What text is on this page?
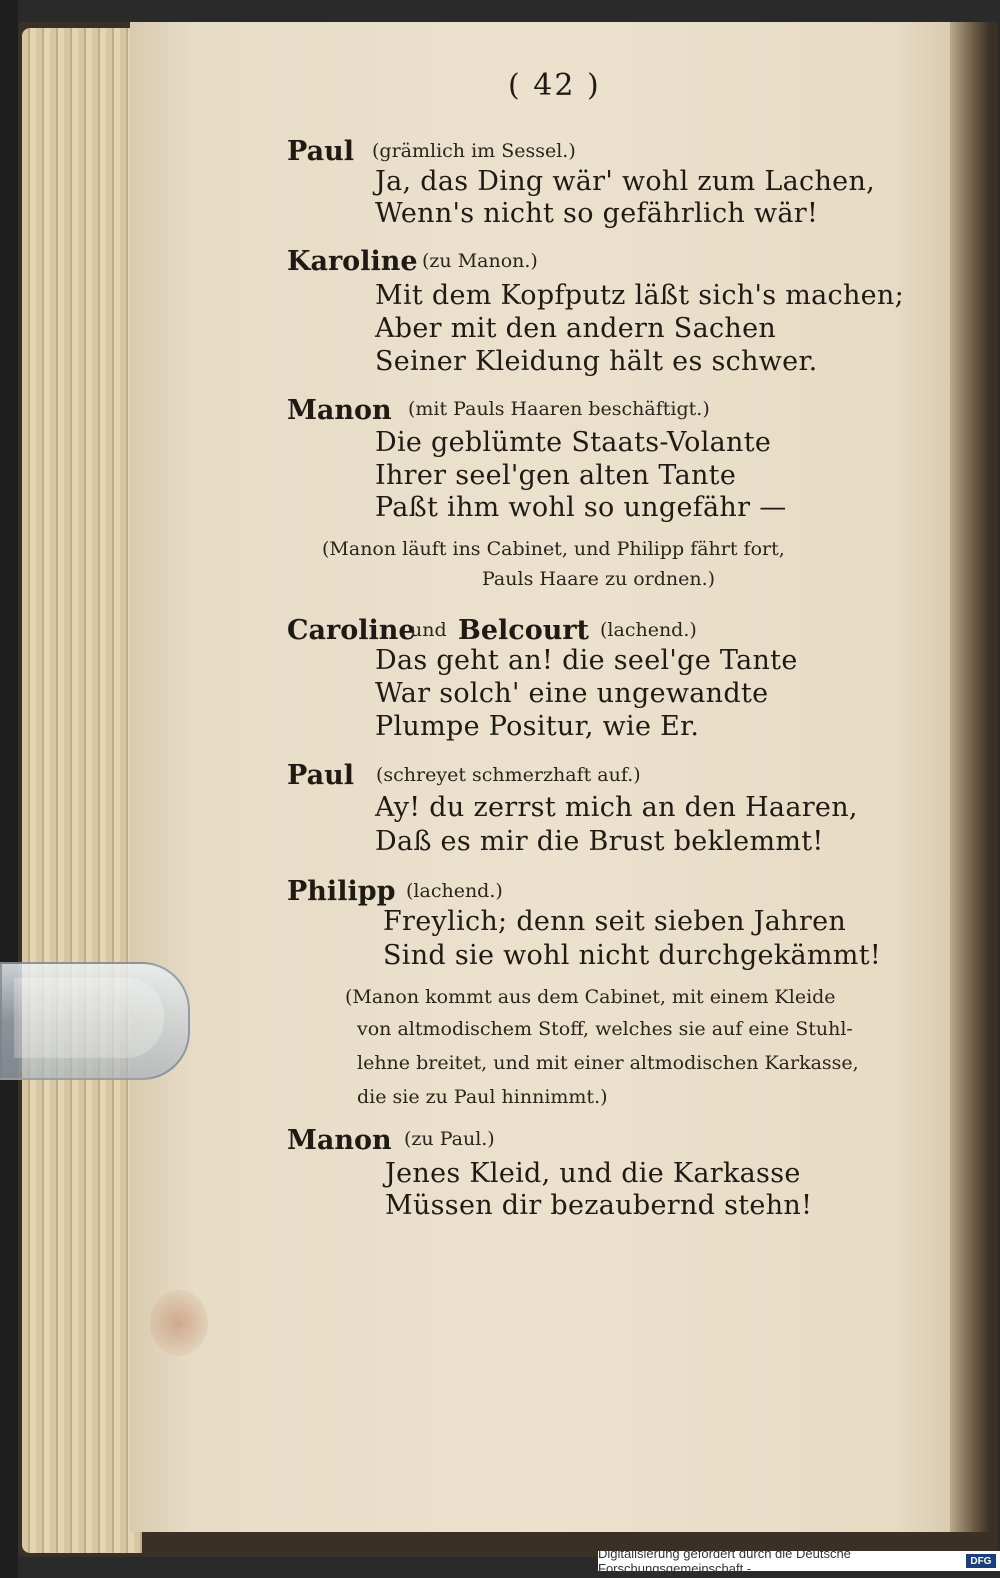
( 42 )
Paul (grämlich im Sessel.)
Ja, das Ding wär' wohl zum Lachen,
Wenn's nicht so gefährlich wär!
Karoline (zu Manon.)
Mit dem Kopfputz läßt sich's machen;
Aber mit den andern Sachen
Seiner Kleidung hält es schwer.
Manon (mit Pauls Haaren beschäftigt.)
Die geblümte Staats-Volante
Ihrer seel'gen alten Tante
Paßt ihm wohl so ungefähr —
(Manon läuft ins Cabinet, und Philipp fährt fort,
Pauls Haare zu ordnen.)
Caroline
und Belcourt (lachend.)
Das geht an! die seel'ge Tante
War solch' eine ungewandte
Plumpe Positur, wie Er.
Paul (schreyet schmerzhaft auf.)
Ay! du zerrst mich an den Haaren,
Daß es mir die Brust beklemmt!
Philipp (lachend.)
Freylich; denn seit sieben Jahren
Sind sie wohl nicht durchgekämmt!
(Manon kommt aus dem Cabinet, mit einem Kleide
von altmodischem Stoff, welches sie auf eine Stuhl-
lehne breitet, und mit einer altmodischen Karkasse,
die sie zu Paul hinnimmt.)
Manon (zu Paul.)
Jenes Kleid, und die Karkasse
Müssen dir bezaubernd stehn!
Digitalisierung gefördert durch die Deutsche Forschungsgemeinschaft -	DFG
